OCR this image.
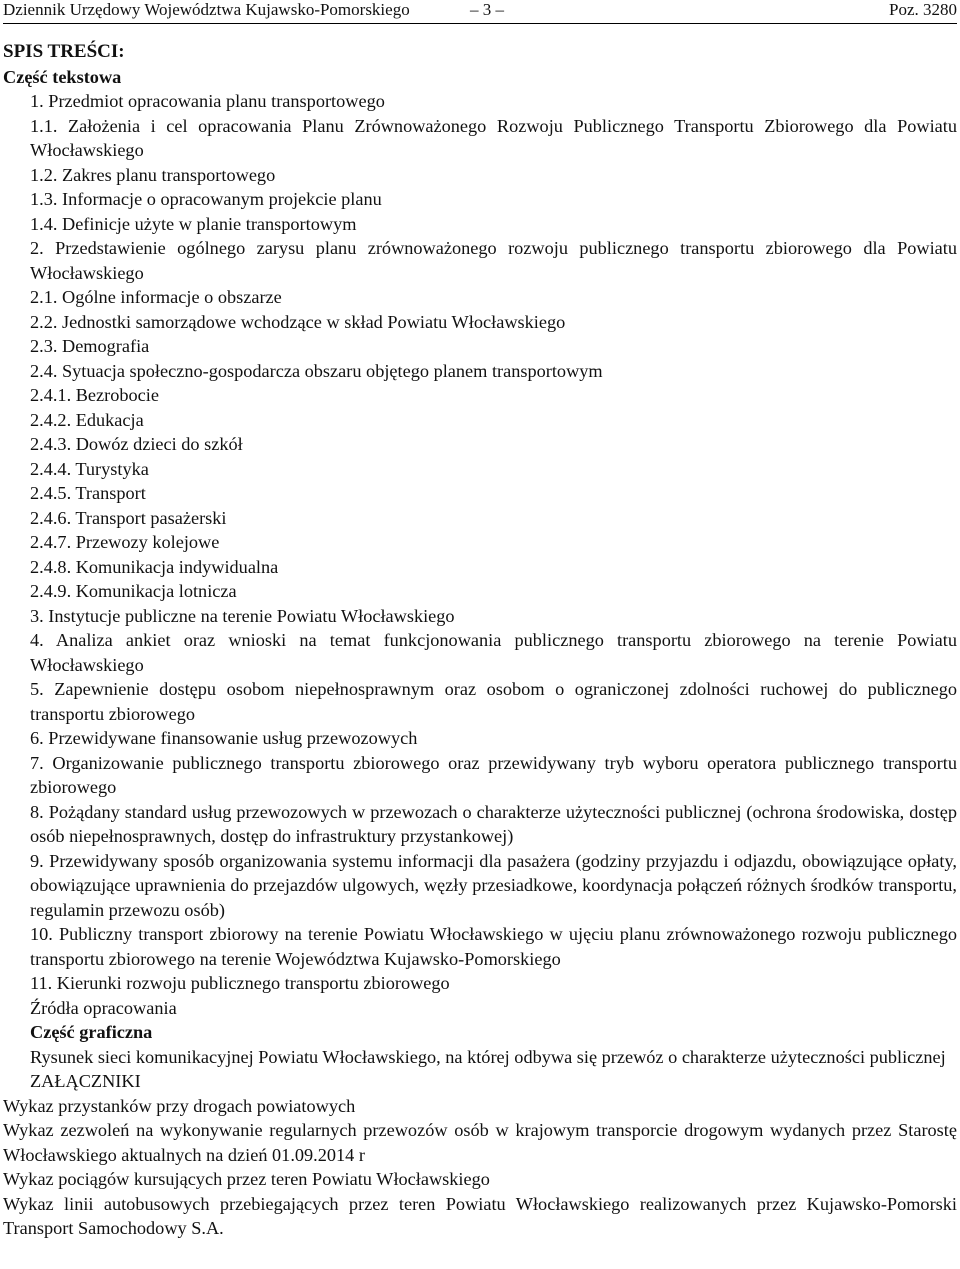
Dziennik Urzędowy Województwa Kujawsko-Pomorskiego	– 3 –	Poz. 3280
SPIS TREŚCI:
Część tekstowa
1. Przedmiot opracowania planu transportowego
1.1. Założenia i cel opracowania Planu Zrównoważonego Rozwoju Publicznego Transportu Zbiorowego dla Powiatu Włocławskiego
1.2. Zakres planu transportowego
1.3. Informacje o opracowanym projekcie planu
1.4. Definicje użyte w planie transportowym
2. Przedstawienie ogólnego zarysu planu zrównoważonego rozwoju publicznego transportu zbiorowego dla Powiatu Włocławskiego
2.1. Ogólne informacje o obszarze
2.2. Jednostki samorządowe wchodzące w skład Powiatu Włocławskiego
2.3. Demografia
2.4. Sytuacja społeczno-gospodarcza obszaru objętego planem transportowym
2.4.1. Bezrobocie
2.4.2. Edukacja
2.4.3. Dowóz dzieci do szkół
2.4.4. Turystyka
2.4.5. Transport
2.4.6. Transport pasażerski
2.4.7. Przewozy kolejowe
2.4.8. Komunikacja indywidualna
2.4.9. Komunikacja lotnicza
3. Instytucje publiczne na terenie Powiatu Włocławskiego
4. Analiza ankiet oraz wnioski na temat funkcjonowania publicznego transportu zbiorowego na terenie Powiatu Włocławskiego
5. Zapewnienie dostępu osobom niepełnosprawnym oraz osobom o ograniczonej zdolności ruchowej do publicznego transportu zbiorowego
6. Przewidywane finansowanie usług przewozowych
7. Organizowanie publicznego transportu zbiorowego oraz przewidywany tryb wyboru operatora publicznego transportu zbiorowego
8. Pożądany standard usług przewozowych w przewozach o charakterze użyteczności publicznej (ochrona środowiska, dostęp osób niepełnosprawnych, dostęp do infrastruktury przystankowej)
9. Przewidywany sposób organizowania systemu informacji dla pasażera (godziny przyjazdu i odjazdu, obowiązujące opłaty, obowiązujące uprawnienia do przejazdów ulgowych, węzły przesiadkowe, koordynacja połączeń różnych środków transportu, regulamin przewozu osób)
10. Publiczny transport zbiorowy na terenie Powiatu Włocławskiego w ujęciu planu zrównoważonego rozwoju publicznego transportu zbiorowego na terenie Województwa Kujawsko-Pomorskiego
11. Kierunki rozwoju publicznego transportu zbiorowego
Źródła opracowania
Część graficzna
Rysunek sieci komunikacyjnej Powiatu Włocławskiego, na której odbywa się przewóz o charakterze użyteczności publicznej
ZAŁĄCZNIKI
Wykaz przystanków przy drogach powiatowych
Wykaz zezwoleń na wykonywanie regularnych przewozów osób w krajowym transporcie drogowym wydanych przez Starostę Włocławskiego aktualnych na dzień 01.09.2014 r
Wykaz pociągów kursujących przez teren Powiatu Włocławskiego
Wykaz linii autobusowych przebiegających przez teren Powiatu Włocławskiego realizowanych przez Kujawsko-Pomorski Transport Samochodowy S.A.
